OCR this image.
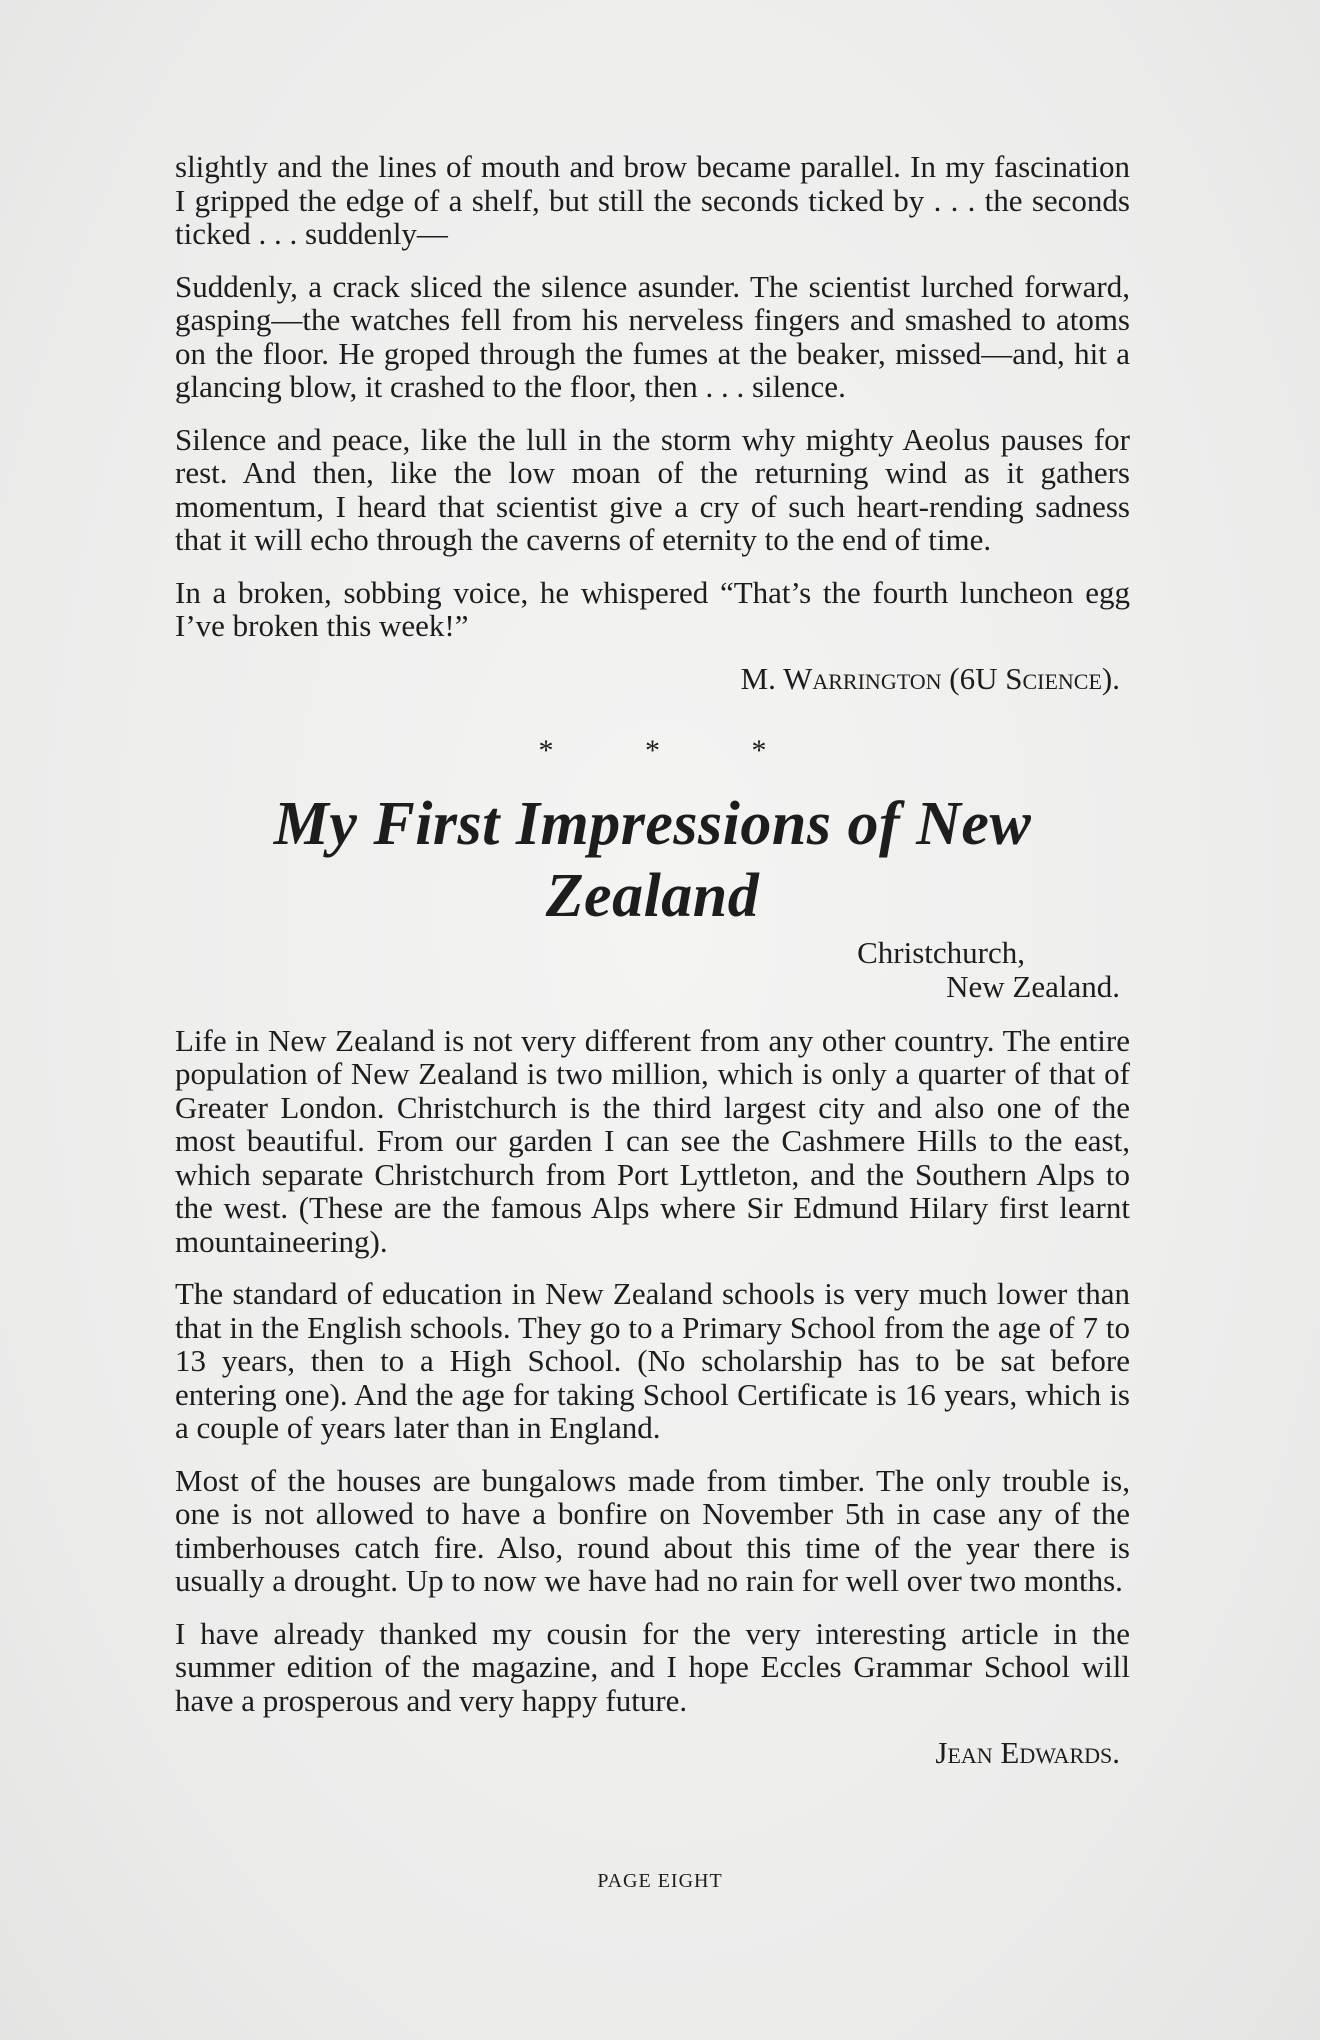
slightly and the lines of mouth and brow became parallel. In my fascination I gripped the edge of a shelf, but still the seconds ticked by . . . the seconds ticked . . . suddenly—

Suddenly, a crack sliced the silence asunder. The scientist lurched forward, gasping—the watches fell from his nerveless fingers and smashed to atoms on the floor. He groped through the fumes at the beaker, missed—and, hit a glancing blow, it crashed to the floor, then . . . silence.

Silence and peace, like the lull in the storm why mighty Aeolus pauses for rest. And then, like the low moan of the returning wind as it gathers momentum, I heard that scientist give a cry of such heart-rending sadness that it will echo through the caverns of eternity to the end of time.

In a broken, sobbing voice, he whispered “That’s the fourth luncheon egg I’ve broken this week!”

M. Warrington (6U Science).

* * *
My First Impressions of New Zealand

Christchurch,

New Zealand.

Life in New Zealand is not very different from any other country. The entire population of New Zealand is two million, which is only a quarter of that of Greater London. Christchurch is the third largest city and also one of the most beautiful. From our garden I can see the Cashmere Hills to the east, which separate Christchurch from Port Lyttleton, and the Southern Alps to the west. (These are the famous Alps where Sir Edmund Hilary first learnt mountaineering).

The standard of education in New Zealand schools is very much lower than that in the English schools. They go to a Primary School from the age of 7 to 13 years, then to a High School. (No scholarship has to be sat before entering one). And the age for taking School Certificate is 16 years, which is a couple of years later than in England.

Most of the houses are bungalows made from timber. The only trouble is, one is not allowed to have a bonfire on November 5th in case any of the timberhouses catch fire. Also, round about this time of the year there is usually a drought. Up to now we have had no rain for well over two months.

I have already thanked my cousin for the very interesting article in the summer edition of the magazine, and I hope Eccles Grammar School will have a prosperous and very happy future.

Jean Edwards.

PAGE EIGHT
